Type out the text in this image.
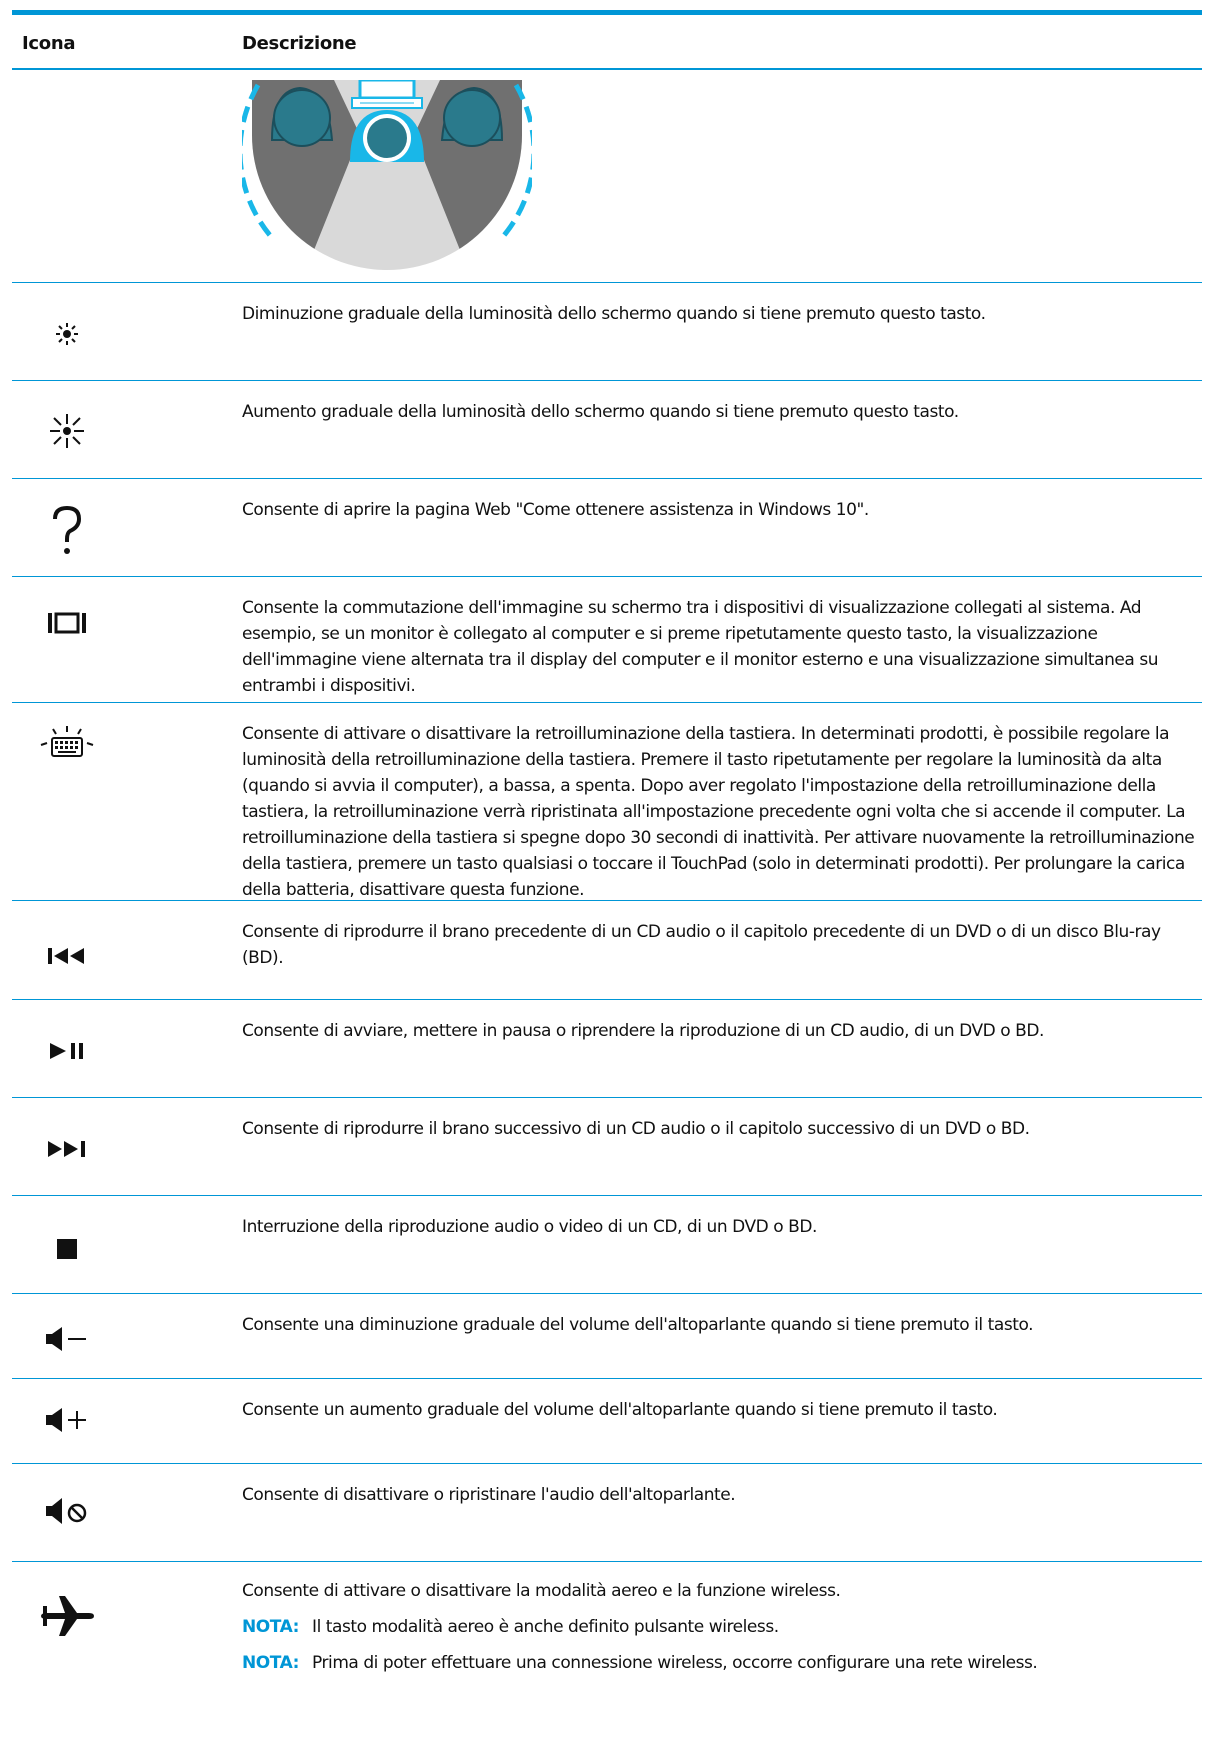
Icona	Descrizione
Diminuzione graduale della luminosità dello schermo quando si tiene premuto questo tasto.
Aumento graduale della luminosità dello schermo quando si tiene premuto questo tasto.
Consente di aprire la pagina Web "Come ottenere assistenza in Windows 10".
Consente la commutazione dell'immagine su schermo tra i dispositivi di visualizzazione collegati al sistema. Ad esempio, se un monitor è collegato al computer e si preme ripetutamente questo tasto, la visualizzazione dell'immagine viene alternata tra il display del computer e il monitor esterno e una visualizzazione simultanea su entrambi i dispositivi.
Consente di attivare o disattivare la retroilluminazione della tastiera. In determinati prodotti, è possibile regolare la luminosità della retroilluminazione della tastiera. Premere il tasto ripetutamente per regolare la luminosità da alta (quando si avvia il computer), a bassa, a spenta. Dopo aver regolato l'impostazione della retroilluminazione della tastiera, la retroilluminazione verrà ripristinata all'impostazione precedente ogni volta che si accende il computer. La retroilluminazione della tastiera si spegne dopo 30 secondi di inattività. Per attivare nuovamente la retroilluminazione della tastiera, premere un tasto qualsiasi o toccare il TouchPad (solo in determinati prodotti). Per prolungare la carica della batteria, disattivare questa funzione.
Consente di riprodurre il brano precedente di un CD audio o il capitolo precedente di un DVD o di un disco Blu-ray (BD).
Consente di avviare, mettere in pausa o riprendere la riproduzione di un CD audio, di un DVD o BD.
Consente di riprodurre il brano successivo di un CD audio o il capitolo successivo di un DVD o BD.
Interruzione della riproduzione audio o video di un CD, di un DVD o BD.
Consente una diminuzione graduale del volume dell'altoparlante quando si tiene premuto il tasto.
Consente un aumento graduale del volume dell'altoparlante quando si tiene premuto il tasto.
Consente di disattivare o ripristinare l'audio dell'altoparlante.

Consente di attivare o disattivare la modalità aereo e la funzione wireless.

NOTA: Il tasto modalità aereo è anche definito pulsante wireless.
NOTA: Prima di poter effettuare una connessione wireless, occorre configurare una rete wireless.
